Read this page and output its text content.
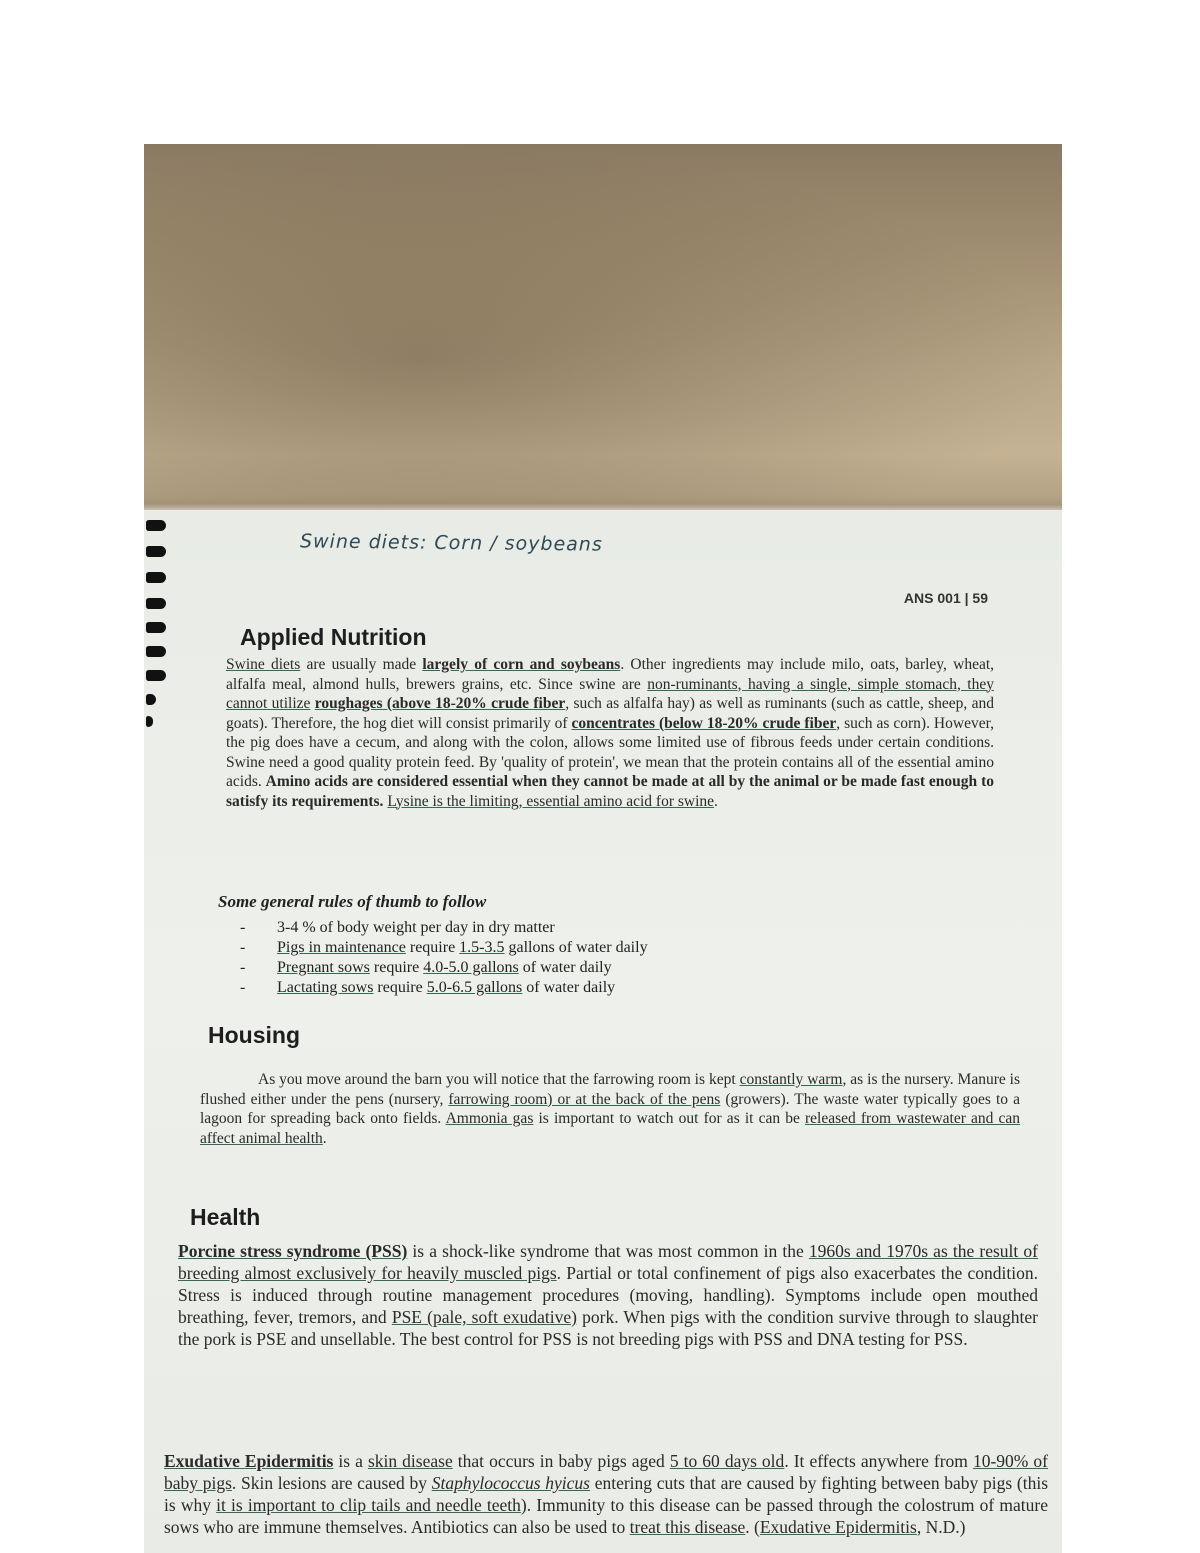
Swine diets: Corn / soybeans
ANS 001 | 59
Applied Nutrition

Swine diets are usually made largely of corn and soybeans. Other ingredients may include milo, oats, barley, wheat, alfalfa meal, almond hulls, brewers grains, etc. Since swine are non-ruminants, having a single, simple stomach, they cannot utilize roughages (above 18-20% crude fiber, such as alfalfa hay) as well as ruminants (such as cattle, sheep, and goats). Therefore, the hog diet will consist primarily of concentrates (below 18-20% crude fiber, such as corn). However, the pig does have a cecum, and along with the colon, allows some limited use of fibrous feeds under certain conditions. Swine need a good quality protein feed. By 'quality of protein', we mean that the protein contains all of the essential amino acids. Amino acids are considered essential when they cannot be made at all by the animal or be made fast enough to satisfy its requirements. Lysine is the limiting, essential amino acid for swine.

Some general rules of thumb to follow

- 3-4 % of body weight per day in dry matter
- Pigs in maintenance require 1.5-3.5 gallons of water daily
- Pregnant sows require 4.0-5.0 gallons of water daily
- Lactating sows require 5.0-6.5 gallons of water daily
Housing

As you move around the barn you will notice that the farrowing room is kept constantly warm, as is the nursery. Manure is flushed either under the pens (nursery, farrowing room) or at the back of the pens (growers). The waste water typically goes to a lagoon for spreading back onto fields. Ammonia gas is important to watch out for as it can be released from wastewater and can affect animal health.

Health

Porcine stress syndrome (PSS) is a shock-like syndrome that was most common in the 1960s and 1970s as the result of breeding almost exclusively for heavily muscled pigs. Partial or total confinement of pigs also exacerbates the condition. Stress is induced through routine management procedures (moving, handling). Symptoms include open mouthed breathing, fever, tremors, and PSE (pale, soft exudative) pork. When pigs with the condition survive through to slaughter the pork is PSE and unsellable. The best control for PSS is not breeding pigs with PSS and DNA testing for PSS.

Exudative Epidermitis is a skin disease that occurs in baby pigs aged 5 to 60 days old. It effects anywhere from 10-90% of baby pigs. Skin lesions are caused by Staphylococcus hyicus entering cuts that are caused by fighting between baby pigs (this is why it is important to clip tails and needle teeth). Immunity to this disease can be passed through the colostrum of mature sows who are immune themselves. Antibiotics can also be used to treat this disease. (Exudative Epidermitis, N.D.)
